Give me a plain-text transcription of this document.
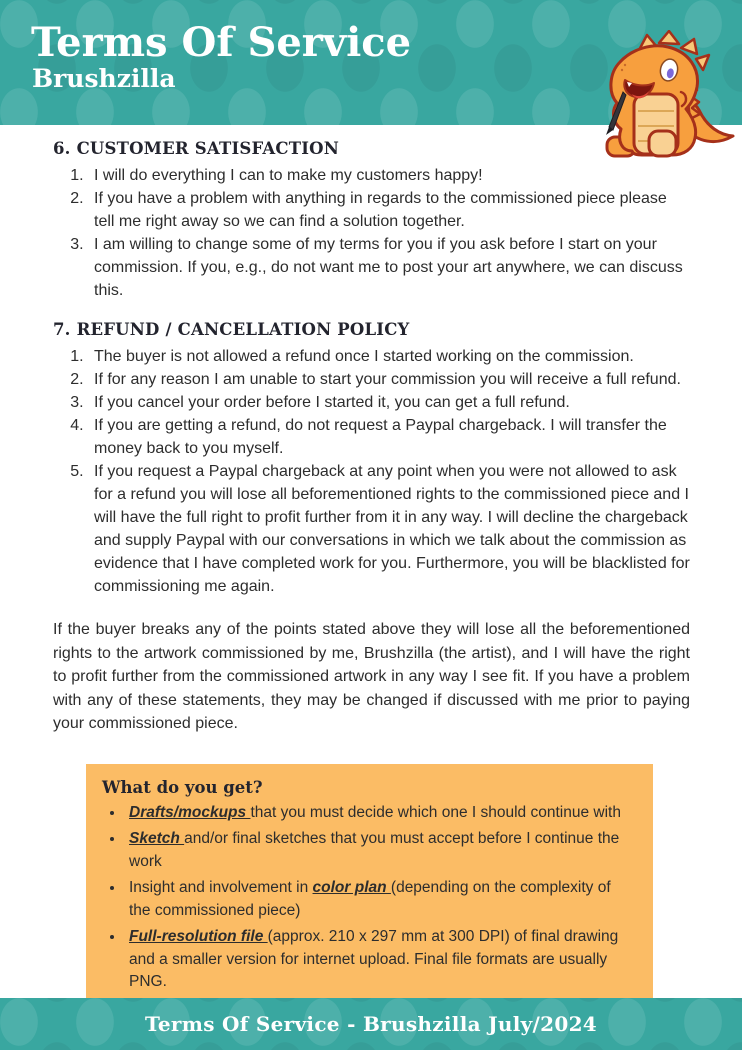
Terms Of Service
Brushzilla
6. CUSTOMER SATISFACTION
1. I will do everything I can to make my customers happy!
2. If you have a problem with anything in regards to the commissioned piece please tell me right away so we can find a solution together.
3. I am willing to change some of my terms for you if you ask before I start on your commission. If you, e.g., do not want me to post your art anywhere, we can discuss this.
7. REFUND / CANCELLATION POLICY
1. The buyer is not allowed a refund once I started working on the commission.
2. If for any reason I am unable to start your commission you will receive a full refund.
3. If you cancel your order before I started it, you can get a full refund.
4. If you are getting a refund, do not request a Paypal chargeback. I will transfer the money back to you myself.
5. If you request a Paypal chargeback at any point when you were not allowed to ask for a refund you will lose all beforementioned rights to the commissioned piece and I will have the full right to profit further from it in any way. I will decline the chargeback and supply Paypal with our conversations in which we talk about the commission as evidence that I have completed work for you. Furthermore, you will be blacklisted for commissioning me again.

If the buyer breaks any of the points stated above they will lose all the beforementioned rights to the artwork commissioned by me, Brushzilla (the artist), and I will have the right to profit further from the commissioned artwork in any way I see fit. If you have a problem with any of these statements, they may be changed if discussed with me prior to paying your commissioned piece.

What do you get?
• Drafts/mockups that you must decide which one I should continue with
• Sketch and/or final sketches that you must accept before I continue the work
• Insight and involvement in color plan (depending on the complexity of the commissioned piece)
• Full-resolution file (approx. 210 x 297 mm at 300 DPI) of final drawing and a smaller version for internet upload. Final file formats are usually PNG.
Terms Of Service - Brushzilla July/2024
